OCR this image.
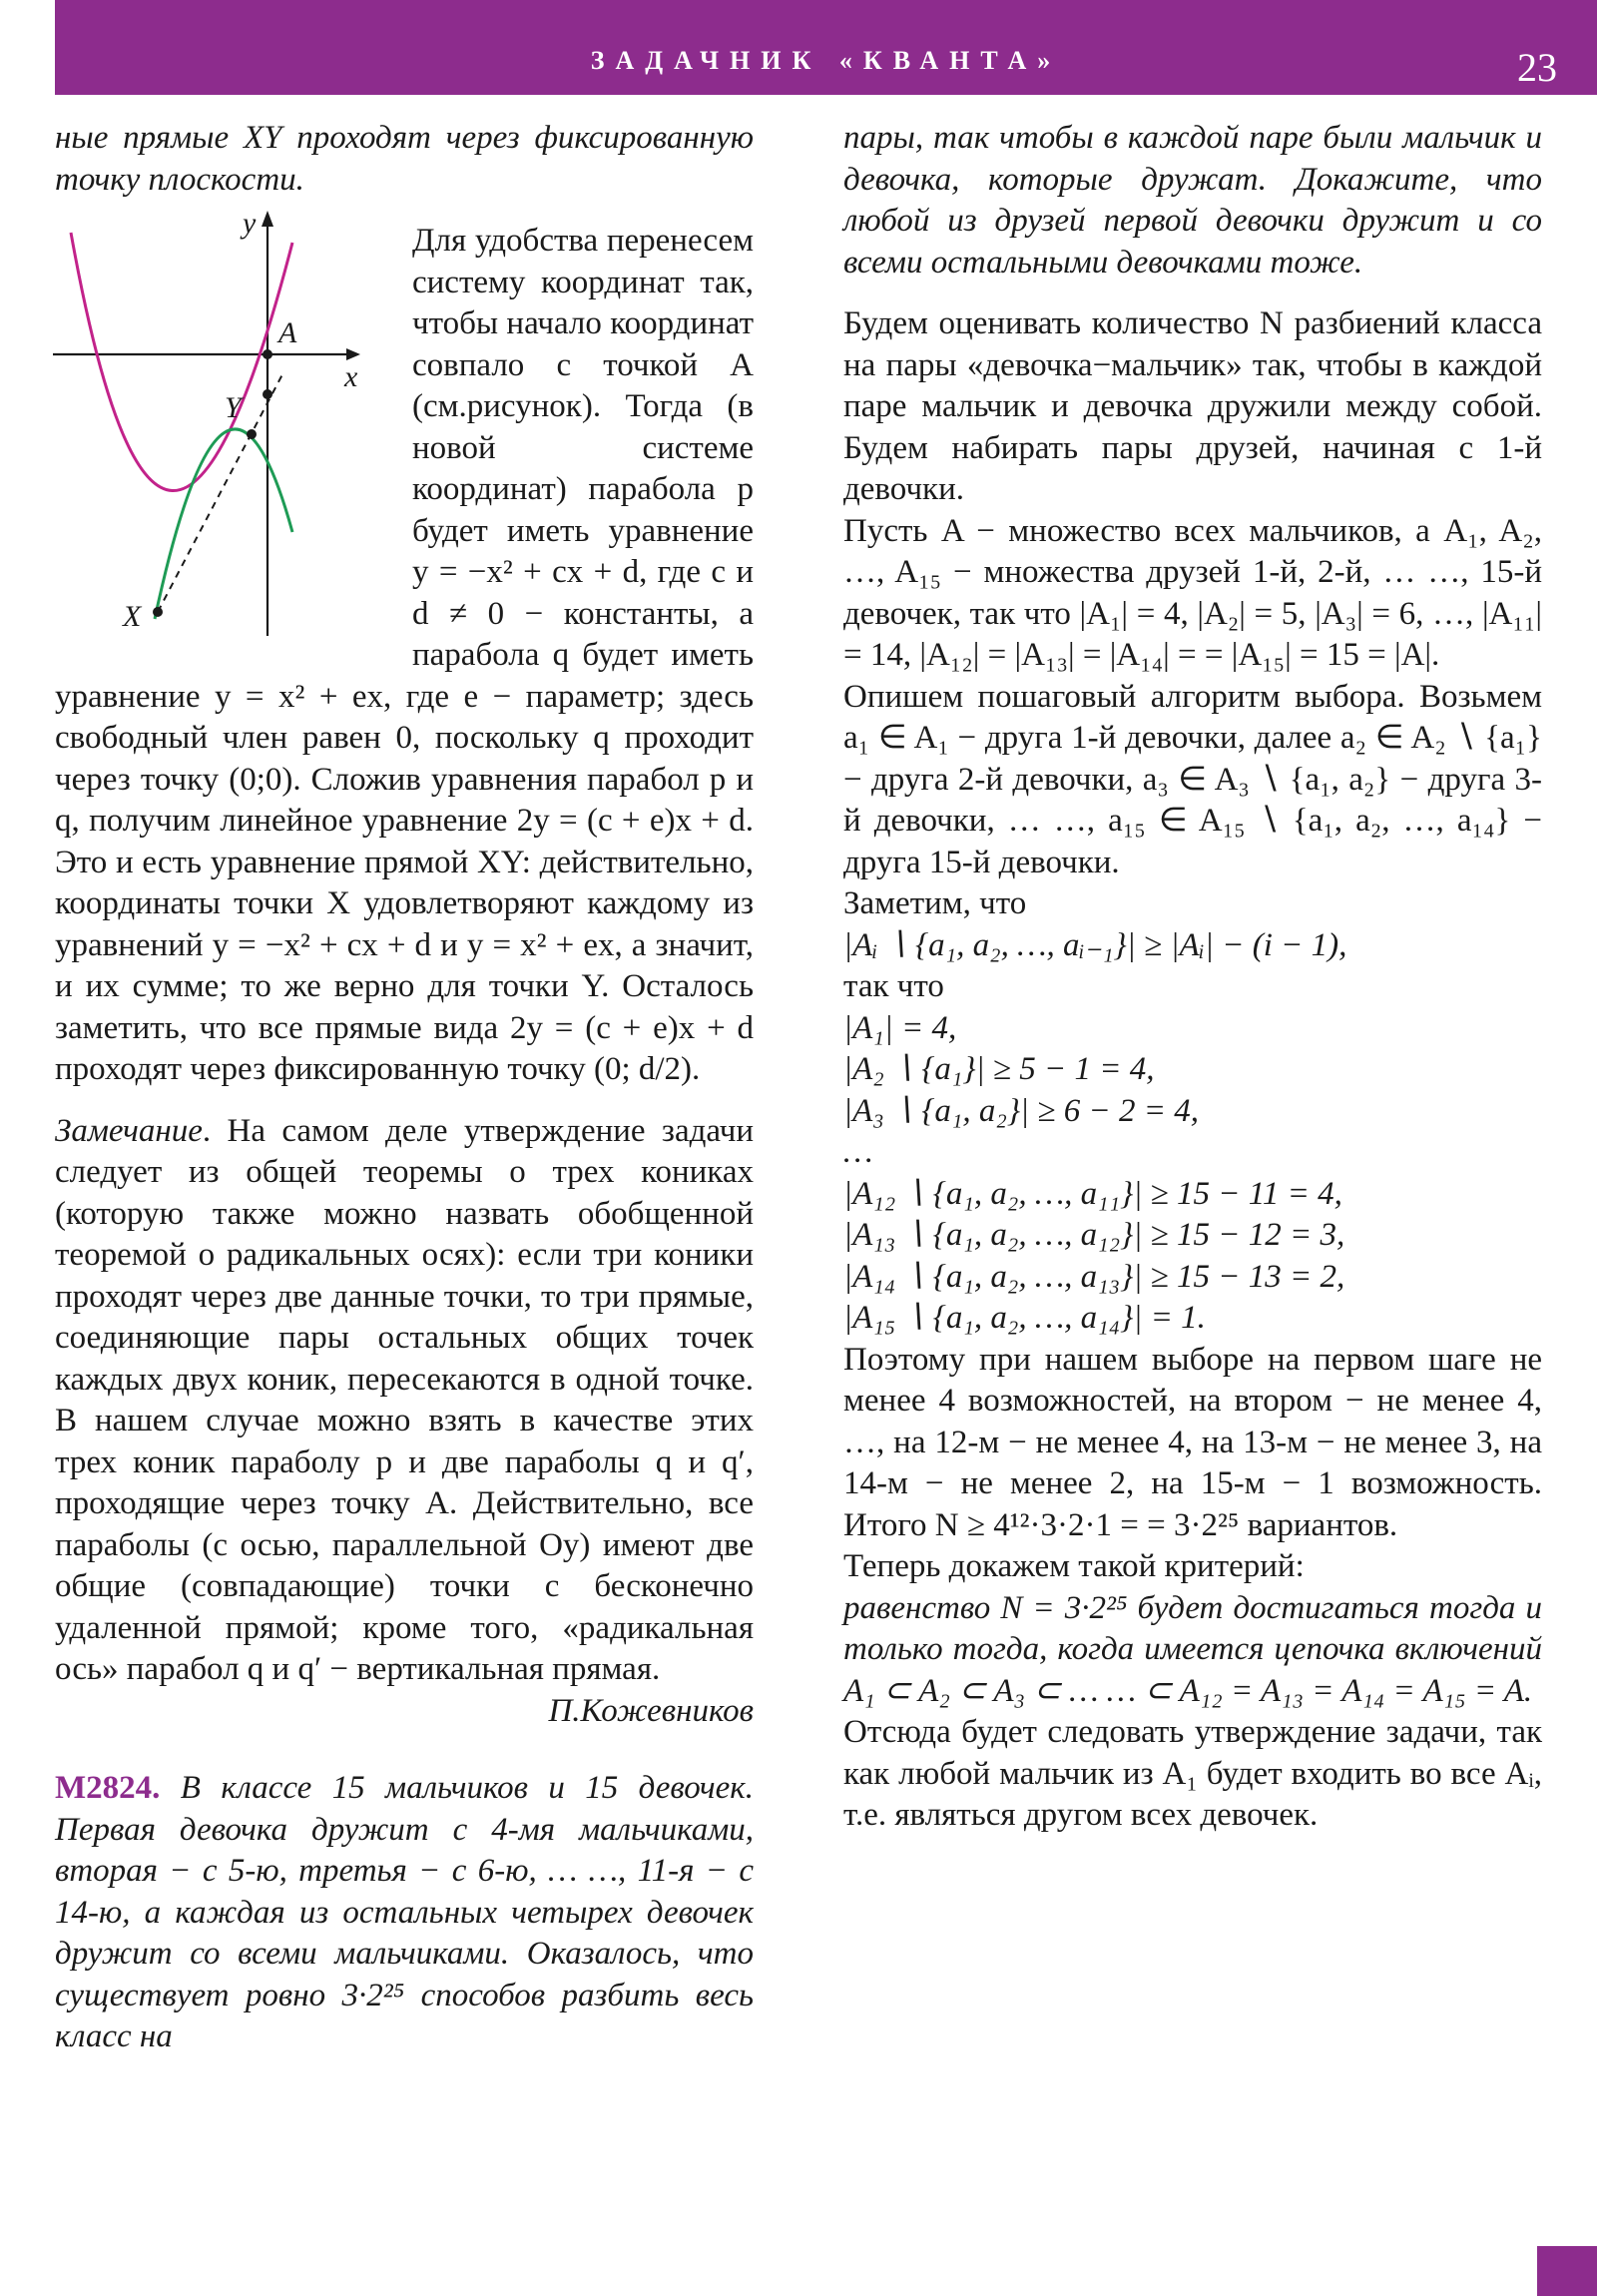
ЗАДАЧНИК «КВАНТА»	23

ные прямые XY проходят через фиксированную точку плоскости.

y
x
A
Y
X

Для удобства перенесем систему координат так, чтобы начало координат совпало с точкой A (см.рисунок). Тогда (в новой системе координат) парабола p будет иметь уравнение y = −x² + cx + d, где c и d ≠ 0 − константы, а парабола q будет иметь уравнение y = x² + ex, где e − параметр; здесь свободный член равен 0, поскольку q проходит через точку (0;0). Сложив уравнения парабол p и q, получим линейное уравнение 2y = (c + e)x + d. Это и есть уравнение прямой XY: действительно, координаты точки X удовлетворяют каждому из уравнений y = −x² + cx + d и y = x² + ex, а значит, и их сумме; то же верно для точки Y. Осталось заметить, что все прямые вида 2y = (c + e)x + d проходят через фиксированную точку (0; d/2).

Замечание. На самом деле утверждение задачи следует из общей теоремы о трех кониках (которую также можно назвать обобщенной теоремой о радикальных осях): если три коники проходят через две данные точки, то три прямые, соединяющие пары остальных общих точек каждых двух коник, пересекаются в одной точке. В нашем случае можно взять в качестве этих трех коник параболу p и две параболы q и q′, проходящие через точку A. Действительно, все параболы (с осью, параллельной Oy) имеют две общие (совпадающие) точки с бесконечно удаленной прямой; кроме того, «радикальная ось» парабол q и q′ − вертикальная прямая.

П.Кожевников

М2824. В классе 15 мальчиков и 15 девочек. Первая девочка дружит с 4-мя мальчиками, вторая − с 5-ю, третья − с 6-ю, … …, 11-я − с 14-ю, а каждая из остальных четырех девочек дружит со всеми мальчиками. Оказалось, что существует ровно 3·2²⁵ способов разбить весь класс на

пары, так чтобы в каждой паре были мальчик и девочка, которые дружат. Докажите, что любой из друзей первой девочки дружит и со всеми остальными девочками тоже.

Будем оценивать количество N разбиений класса на пары «девочка−мальчик» так, чтобы в каждой паре мальчик и девочка дружили между собой. Будем набирать пары друзей, начиная с 1-й девочки.

Пусть A − множество всех мальчиков, а A₁, A₂, …, A₁₅ − множества друзей 1-й, 2-й, … …, 15-й девочек, так что |A₁| = 4, |A₂| = 5, |A₃| = 6, …, |A₁₁| = 14, |A₁₂| = |A₁₃| = |A₁₄| = = |A₁₅| = 15 = |A|.

Опишем пошаговый алгоритм выбора. Возьмем a₁ ∈ A₁ − друга 1-й девочки, далее a₂ ∈ A₂ ∖ {a₁} − друга 2-й девочки, a₃ ∈ A₃ ∖ {a₁, a₂} − друга 3-й девочки, … …, a₁₅ ∈ A₁₅ ∖ {a₁, a₂, …, a₁₄} − друга 15-й девочки.

Заметим, что

|Aᵢ ∖ {a₁, a₂, …, aᵢ₋₁}| ≥ |Aᵢ| − (i − 1),

так что

|A₁| = 4,

|A₂ ∖ {a₁}| ≥ 5 − 1 = 4,

|A₃ ∖ {a₁, a₂}| ≥ 6 − 2 = 4,

…

|A₁₂ ∖ {a₁, a₂, …, a₁₁}| ≥ 15 − 11 = 4,

|A₁₃ ∖ {a₁, a₂, …, a₁₂}| ≥ 15 − 12 = 3,

|A₁₄ ∖ {a₁, a₂, …, a₁₃}| ≥ 15 − 13 = 2,

|A₁₅ ∖ {a₁, a₂, …, a₁₄}| = 1.

Поэтому при нашем выборе на первом шаге не менее 4 возможностей, на втором − не менее 4, …, на 12-м − не менее 4, на 13-м − не менее 3, на 14-м − не менее 2, на 15-м − 1 возможность. Итого N ≥ 4¹²·3·2·1 = = 3·2²⁵ вариантов.

Теперь докажем такой критерий:

равенство N = 3·2²⁵ будет достигаться тогда и только тогда, когда имеется цепочка включений A₁ ⊂ A₂ ⊂ A₃ ⊂ … … ⊂ A₁₂ = A₁₃ = A₁₄ = A₁₅ = A.

Отсюда будет следовать утверждение задачи, так как любой мальчик из A₁ будет входить во все Aᵢ, т.е. являться другом всех девочек.
